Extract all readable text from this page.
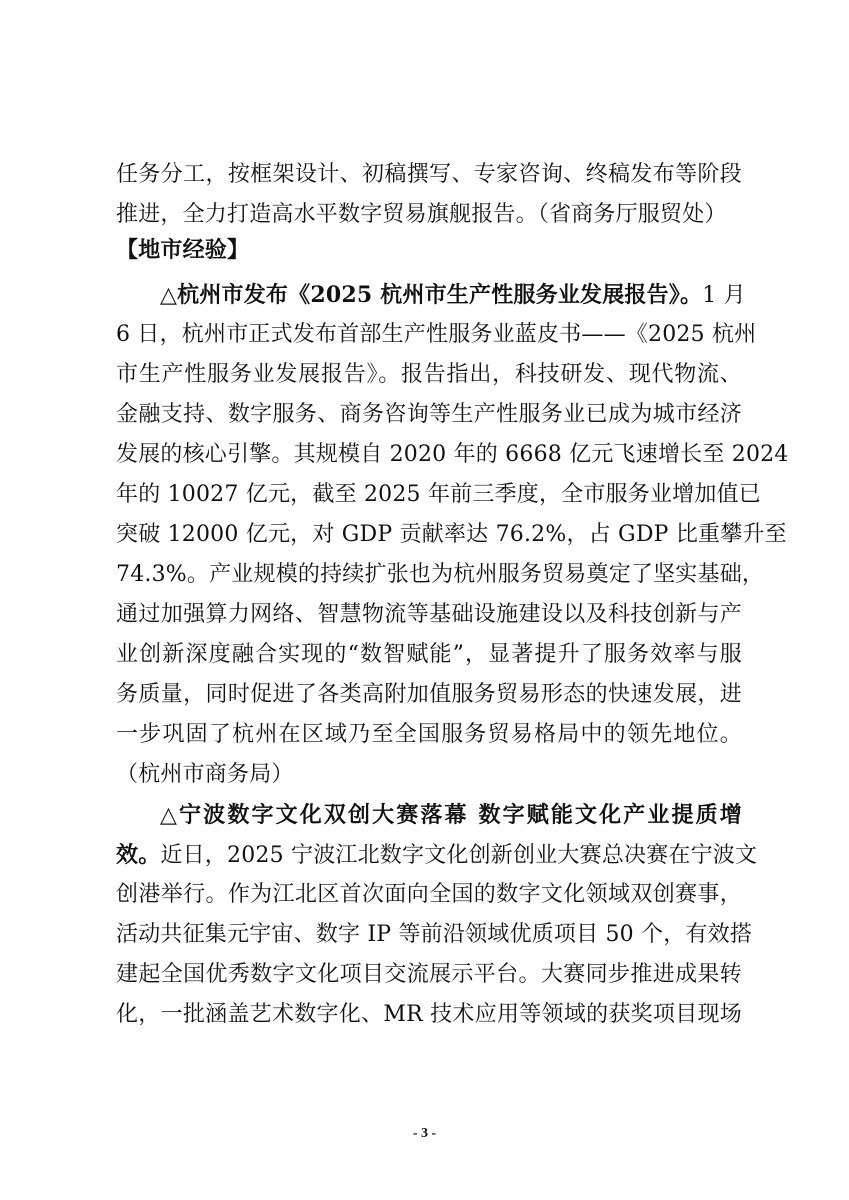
任务分工，按框架设计、初稿撰写、专家咨询、终稿发布等阶段
推进，全力打造高水平数字贸易旗舰报告。（省商务厅服贸处）
【地市经验】
△杭州市发布《2025 杭州市生产性服务业发展报告》。1 月
6 日，杭州市正式发布首部生产性服务业蓝皮书——《2025 杭州
市生产性服务业发展报告》。报告指出，科技研发、现代物流、
金融支持、数字服务、商务咨询等生产性服务业已成为城市经济
发展的核心引擎。其规模自 2020 年的 6668 亿元飞速增长至 2024
年的 10027 亿元，截至 2025 年前三季度，全市服务业增加值已
突破 12000 亿元，对 GDP 贡献率达 76.2%，占 GDP 比重攀升至
74.3%。产业规模的持续扩张也为杭州服务贸易奠定了坚实基础，
通过加强算力网络、智慧物流等基础设施建设以及科技创新与产
业创新深度融合实现的“数智赋能”，显著提升了服务效率与服
务质量，同时促进了各类高附加值服务贸易形态的快速发展，进
一步巩固了杭州在区域乃至全国服务贸易格局中的领先地位。
（杭州市商务局）
△宁波数字文化双创大赛落幕 数字赋能文化产业提质增
效。近日，2025 宁波江北数字文化创新创业大赛总决赛在宁波文
创港举行。作为江北区首次面向全国的数字文化领域双创赛事，
活动共征集元宇宙、数字 IP 等前沿领域优质项目 50 个，有效搭
建起全国优秀数字文化项目交流展示平台。大赛同步推进成果转
化，一批涵盖艺术数字化、MR 技术应用等领域的获奖项目现场
- 3 -
